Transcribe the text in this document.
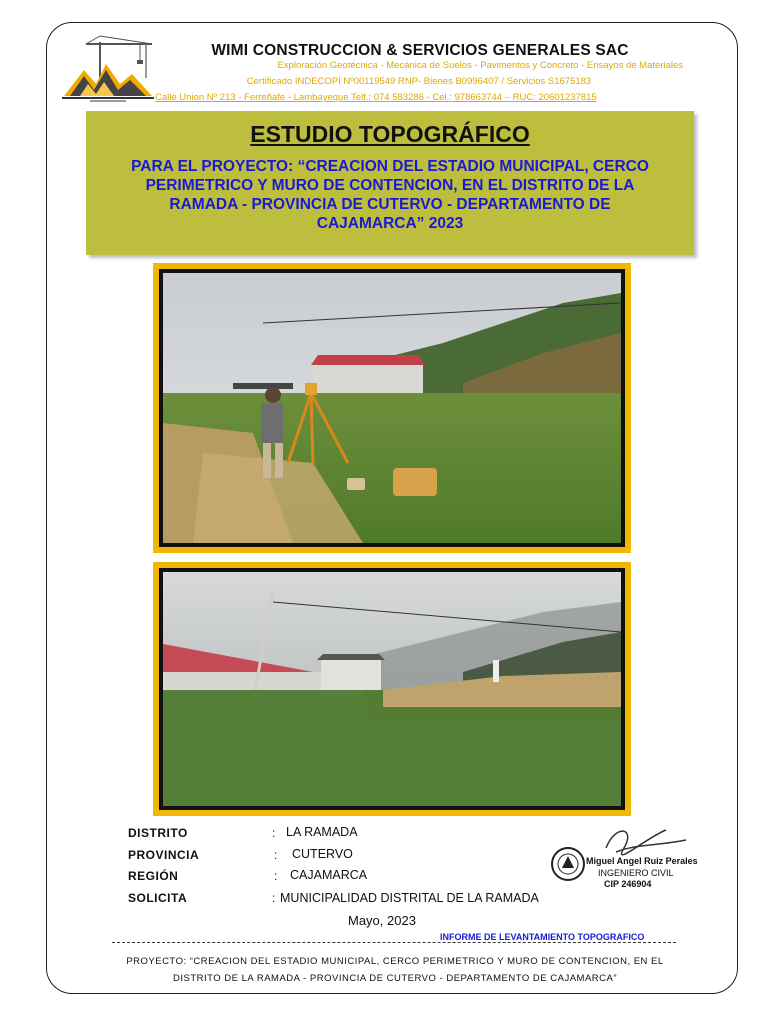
WIMI CONSTRUCCION & SERVICIOS GENERALES SAC
Exploración Geotécnica - Mecánica de Suelos - Pavimentos y Concreto - Ensayos de Materiales
Certificado INDECOPI Nº00119549 RNP- Bienes B0996407 / Servicios S1675183
Calle Union Nº 213 - Ferreñafe - Lambayeque Telf.: 074 583286 - Cel.: 978663744 – RUC: 20601237815
ESTUDIO TOPOGRÁFICO
PARA EL PROYECTO: “CREACION DEL ESTADIO MUNICIPAL, CERCO PERIMETRICO Y MURO DE CONTENCION, EN EL DISTRITO DE LA RAMADA - PROVINCIA DE CUTERVO - DEPARTAMENTO DE CAJAMARCA” 2023
DISTRITO	: LA RAMADA
PROVINCIA	: CUTERVO
REGIÓN	: CAJAMARCA
SOLICITA	: MUNICIPALIDAD DISTRITAL DE LA RAMADA
Miguel Angel Ruiz Perales
INGENIERO CIVIL
CIP 246904
Mayo, 2023
INFORME DE LEVANTAMIENTO TOPOGRAFICO
PROYECTO: “CREACION DEL ESTADIO MUNICIPAL, CERCO PERIMETRICO Y MURO DE CONTENCION, EN EL
DISTRITO DE LA RAMADA - PROVINCIA DE CUTERVO - DEPARTAMENTO DE CAJAMARCA”
